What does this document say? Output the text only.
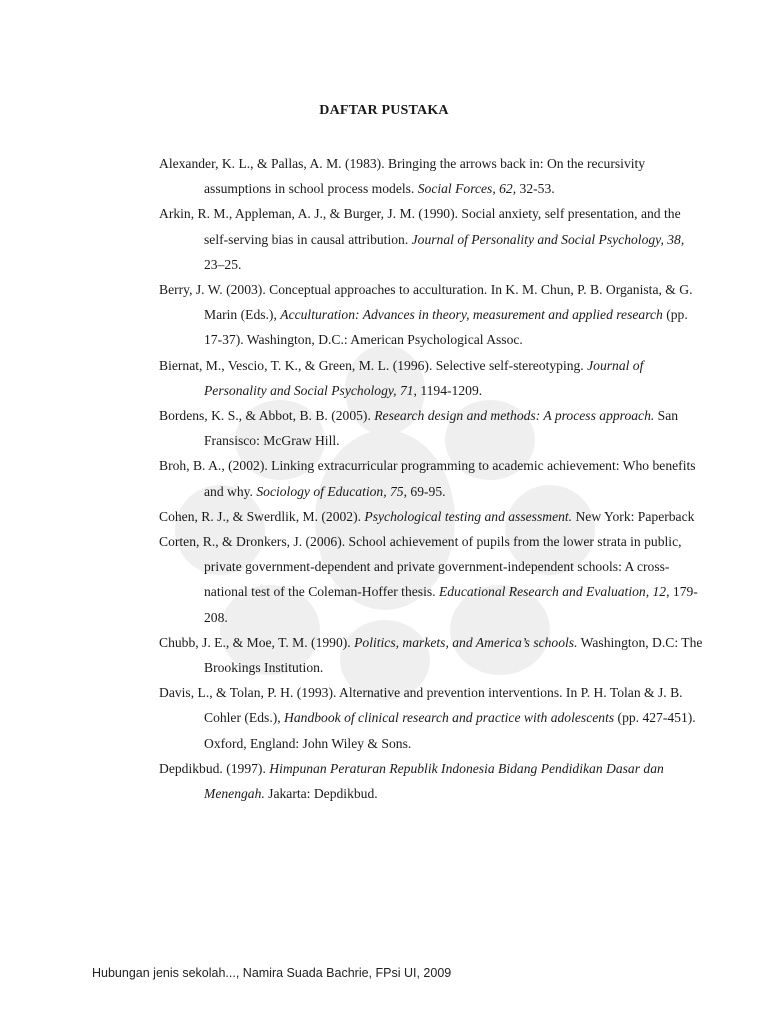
DAFTAR PUSTAKA

Alexander, K. L., & Pallas, A. M. (1983). Bringing the arrows back in: On the recursivity assumptions in school process models. Social Forces, 62, 32-53.

Arkin, R. M., Appleman, A. J., & Burger, J. M. (1990). Social anxiety, self presentation, and the self-serving bias in causal attribution. Journal of Personality and Social Psychology, 38, 23–25.

Berry, J. W. (2003). Conceptual approaches to acculturation. In K. M. Chun, P. B. Organista, & G. Marin (Eds.), Acculturation: Advances in theory, measurement and applied research (pp. 17-37). Washington, D.C.: American Psychological Assoc.

Biernat, M., Vescio, T. K., & Green, M. L. (1996). Selective self-stereotyping. Journal of Personality and Social Psychology, 71, 1194-1209.

Bordens, K. S., & Abbot, B. B. (2005). Research design and methods: A process approach. San Fransisco: McGraw Hill.

Broh, B. A., (2002). Linking extracurricular programming to academic achievement: Who benefits and why. Sociology of Education, 75, 69-95.

Cohen, R. J., & Swerdlik, M. (2002). Psychological testing and assessment. New York: Paperback

Corten, R., & Dronkers, J. (2006). School achievement of pupils from the lower strata in public, private government-dependent and private government-independent schools: A cross-national test of the Coleman-Hoffer thesis. Educational Research and Evaluation, 12, 179-208.

Chubb, J. E., & Moe, T. M. (1990). Politics, markets, and America’s schools. Washington, D.C: The Brookings Institution.

Davis, L., & Tolan, P. H. (1993). Alternative and prevention interventions. In P. H. Tolan & J. B. Cohler (Eds.), Handbook of clinical research and practice with adolescents (pp. 427-451). Oxford, England: John Wiley & Sons.

Depdikbud. (1997). Himpunan Peraturan Republik Indonesia Bidang Pendidikan Dasar dan Menengah. Jakarta: Depdikbud.

Hubungan jenis sekolah..., Namira Suada Bachrie, FPsi UI, 2009
